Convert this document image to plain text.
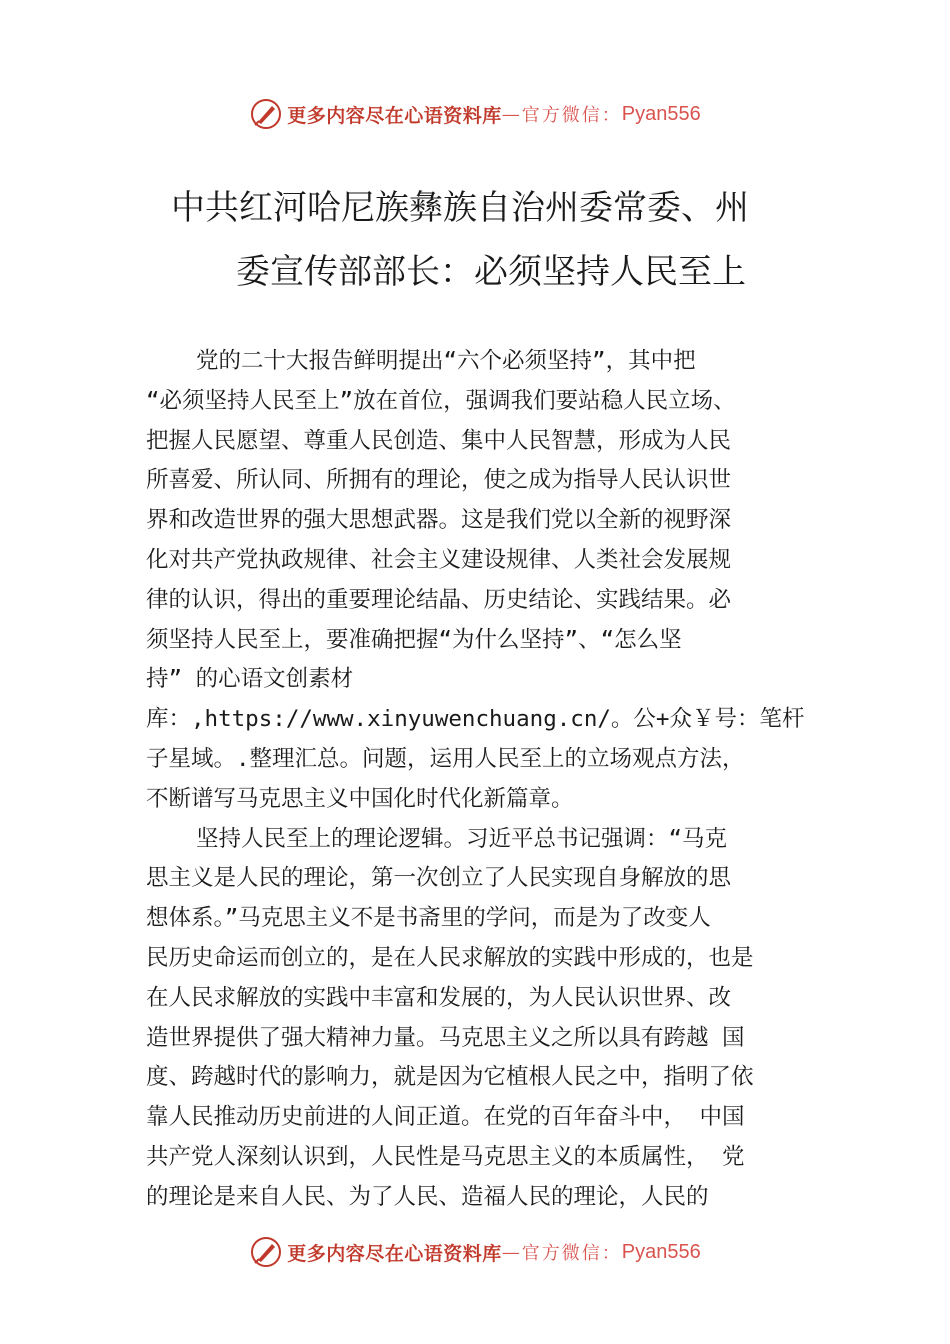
更多内容尽在心语资料库 — 官方微信： Pyan556
中共红河哈尼族彝族自治州委常委、州
委宣传部部长：必须坚持人民至上
党的二十大报告鲜明提出“六个必须坚持”，其中把
“必须坚持人民至上”放在首位，强调我们要站稳人民立场、
把握人民愿望、尊重人民创造、集中人民智慧，形成为人民
所喜爱、所认同、所拥有的理论，使之成为指导人民认识世
界和改造世界的强大思想武器。这是我们党以全新的视野深
化对共产党执政规律、社会主义建设规律、人类社会发展规
律的认识，得出的重要理论结晶、历史结论、实践结果。必
须坚持人民至上，要准确把握“为什么坚持”、“怎么坚
持” 的心语文创素材
库：,https://www.xinyuwenchuang.cn/。公+众￥号：笔杆
子星域。.整理汇总。问题，运用人民至上的立场观点方法，
不断谱写马克思主义中国化时代化新篇章。
坚持人民至上的理论逻辑。习近平总书记强调：“马克
思主义是人民的理论，第一次创立了人民实现自身解放的思
想体系。”马克思主义不是书斋里的学问，而是为了改变人
民历史命运而创立的，是在人民求解放的实践中形成的，也是
在人民求解放的实践中丰富和发展的，为人民认识世界、改
造世界提供了强大精神力量。马克思主义之所以具有跨越 国
度、跨越时代的影响力，就是因为它植根人民之中，指明了依
靠人民推动历史前进的人间正道。在党的百年奋斗中， 中国
共产党人深刻认识到，人民性是马克思主义的本质属性， 党
的理论是来自人民、为了人民、造福人民的理论，人民的
更多内容尽在心语资料库 — 官方微信： Pyan556
